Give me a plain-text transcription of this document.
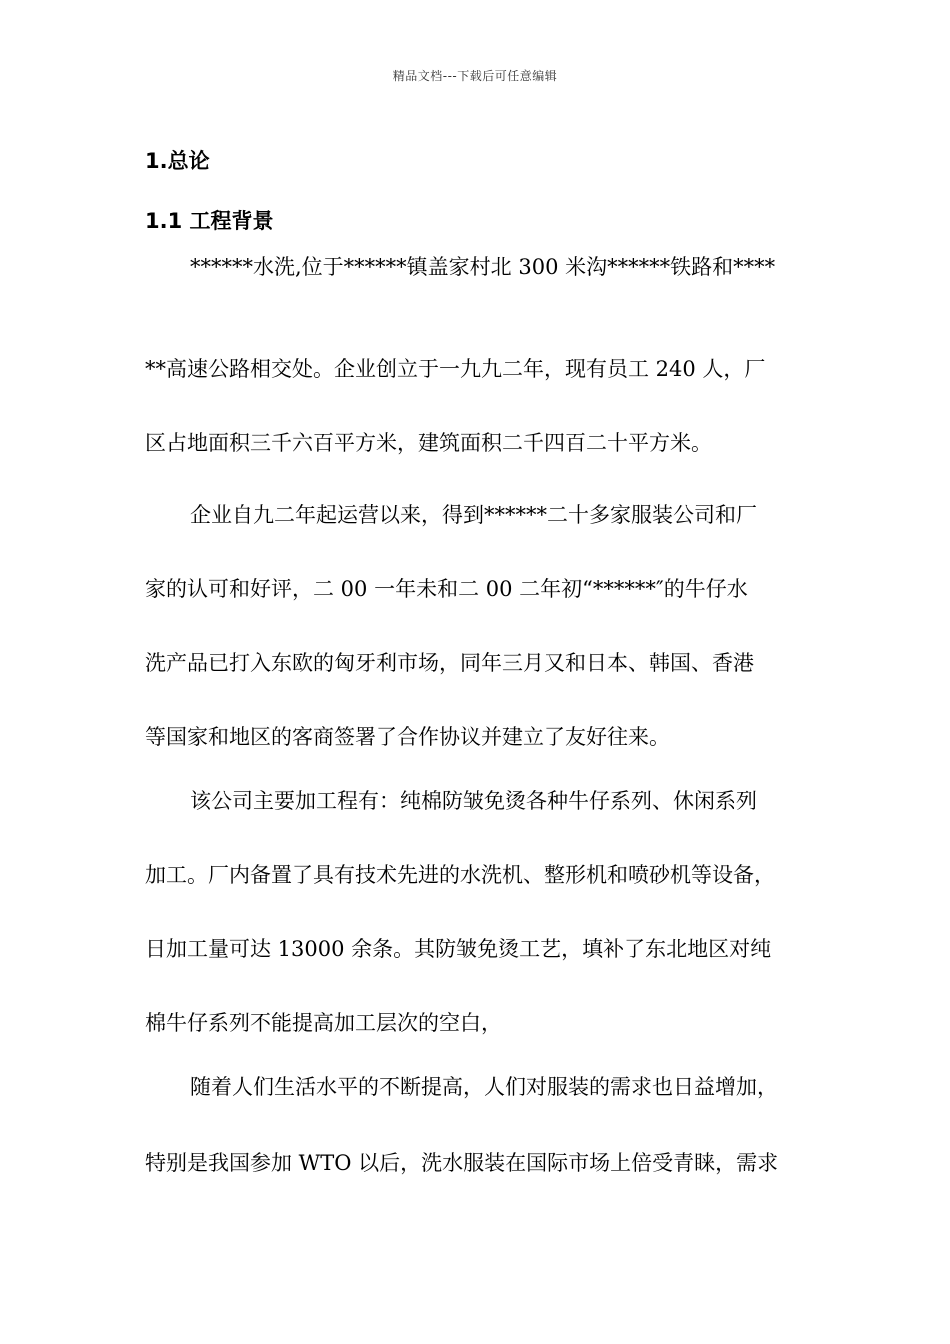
精品文档---下载后可任意编辑
1.总论
1.1 工程背景
******水洗,位于******镇盖家村北 300 米沟******铁路和****
**高速公路相交处。企业创立于一九九二年，现有员工 240 人，厂
区占地面积三千六百平方米，建筑面积二千四百二十平方米。
企业自九二年起运营以来，得到******二十多家服装公司和厂
家的认可和好评，二 00 一年未和二 00 二年初“******″的牛仔水
洗产品已打入东欧的匈牙利市场，同年三月又和日本、韩国、香港
等国家和地区的客商签署了合作协议并建立了友好往来。
该公司主要加工程有：纯棉防皱免烫各种牛仔系列、休闲系列
加工。厂内备置了具有技术先进的水洗机、整形机和喷砂机等设备，
日加工量可达 13000 余条。其防皱免烫工艺，填补了东北地区对纯
棉牛仔系列不能提高加工层次的空白，
随着人们生活水平的不断提高，人们对服装的需求也日益增加，
特别是我国参加 WTO 以后，洗水服装在国际市场上倍受青睐，需求
